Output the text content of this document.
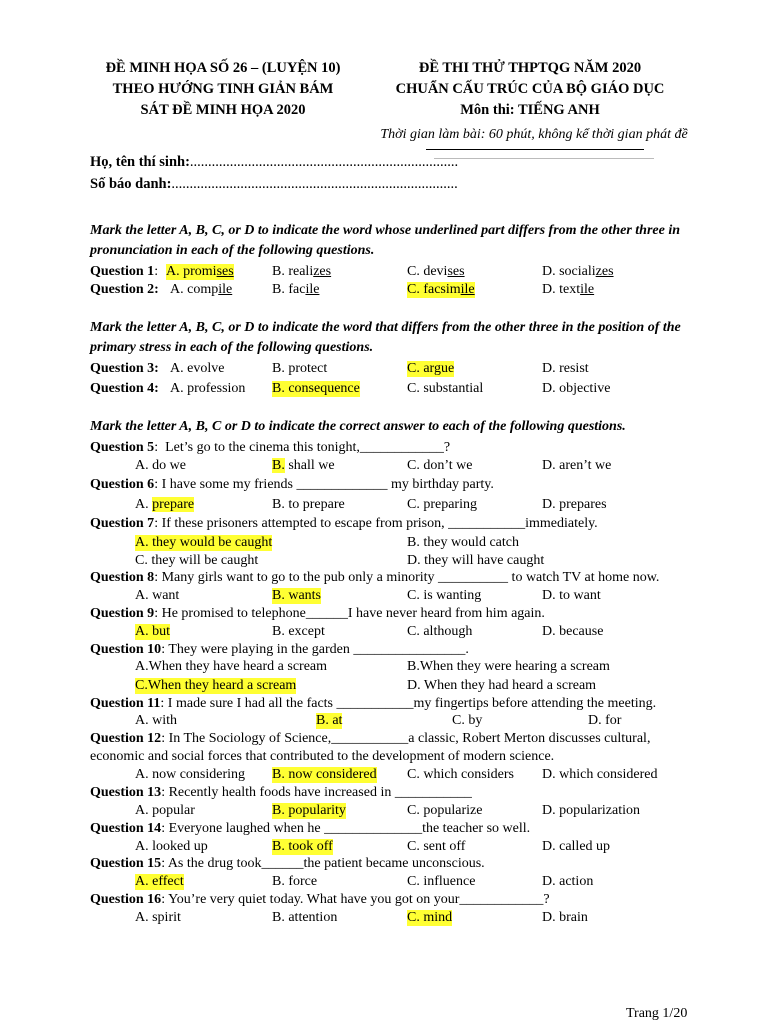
ĐỀ MINH HỌA SỐ 26 – (LUYỆN 10)
THEO HƯỚNG TINH GIẢN BÁM
SÁT ĐỀ MINH HỌA 2020
ĐỀ THI THỬ THPTQG NĂM 2020
CHUẨN CẤU TRÚC CỦA BỘ GIÁO DỤC
Môn thi: TIẾNG ANH
Thời gian làm bài: 60 phút, không kể thời gian phát đề
Họ, tên thí sinh:..........................................................................
Số báo danh:...............................................................................
Mark the letter A, B, C, or D to indicate the word whose underlined part differs from the other three in pronunciation in each of the following questions.
Question 1: A. promises	B. realizes	C. devises	D. socializes
Question 2: A. compile	B. facile	C. facsimile	D. textile
Mark the letter A, B, C, or D to indicate the word that differs from the other three in the position of the primary stress in each of the following questions.
Question 3: A. evolve	B. protect	C. argue	D. resist
Question 4: A. profession B. consequence	C. substantial	D. objective
Mark the letter A, B, C or D to indicate the correct answer to each of the following questions.
Question 5:  Let’s go to the cinema this tonight,____________?
A. do we	B. shall we	C. don’t we	D. aren’t we
Question 6: I have some my friends _____________ my birthday party.
A. prepare	B. to prepare	C. preparing	D. prepares
Question 7: If these prisoners attempted to escape from prison, ___________immediately.
A. they would be caught	B. they would catch
C. they will be caught	D. they will have caught
Question 8: Many girls want to go to the pub only a minority __________ to watch TV at home now.
A. want	B. wants	C. is wanting	D. to want
Question 9: He promised to telephone______I have never heard from him again.
A. but	B. except	C. although	D. because
Question 10: They were playing in the garden ________________.
A.When they have heard a scream	B.When they were hearing a scream
C.When they heard a scream	D. When they had heard a scream
Question 11: I made sure I had all the facts ___________my fingertips before attending the meeting.
A. with	B. at	C. by	D. for
Question 12: In The Sociology of Science,___________a classic, Robert Merton discusses cultural,
economic and social forces that contributed to the development of modern science.
A. now considering B. now considered C. which considers D. which considered
Question 13: Recently health foods have increased in ___________
A. popular	B. popularity	C. popularize	D. popularization
Question 14: Everyone laughed when he ______________the teacher so well.
A. looked up	B. took off	C. sent off	D. called up
Question 15: As the drug took______the patient became unconscious.
A. effect	B. force	C. influence	D. action
Question 16: You’re very quiet today. What have you got on your____________?
A. spirit	B. attention	C. mind	D. brain
Trang 1/20
